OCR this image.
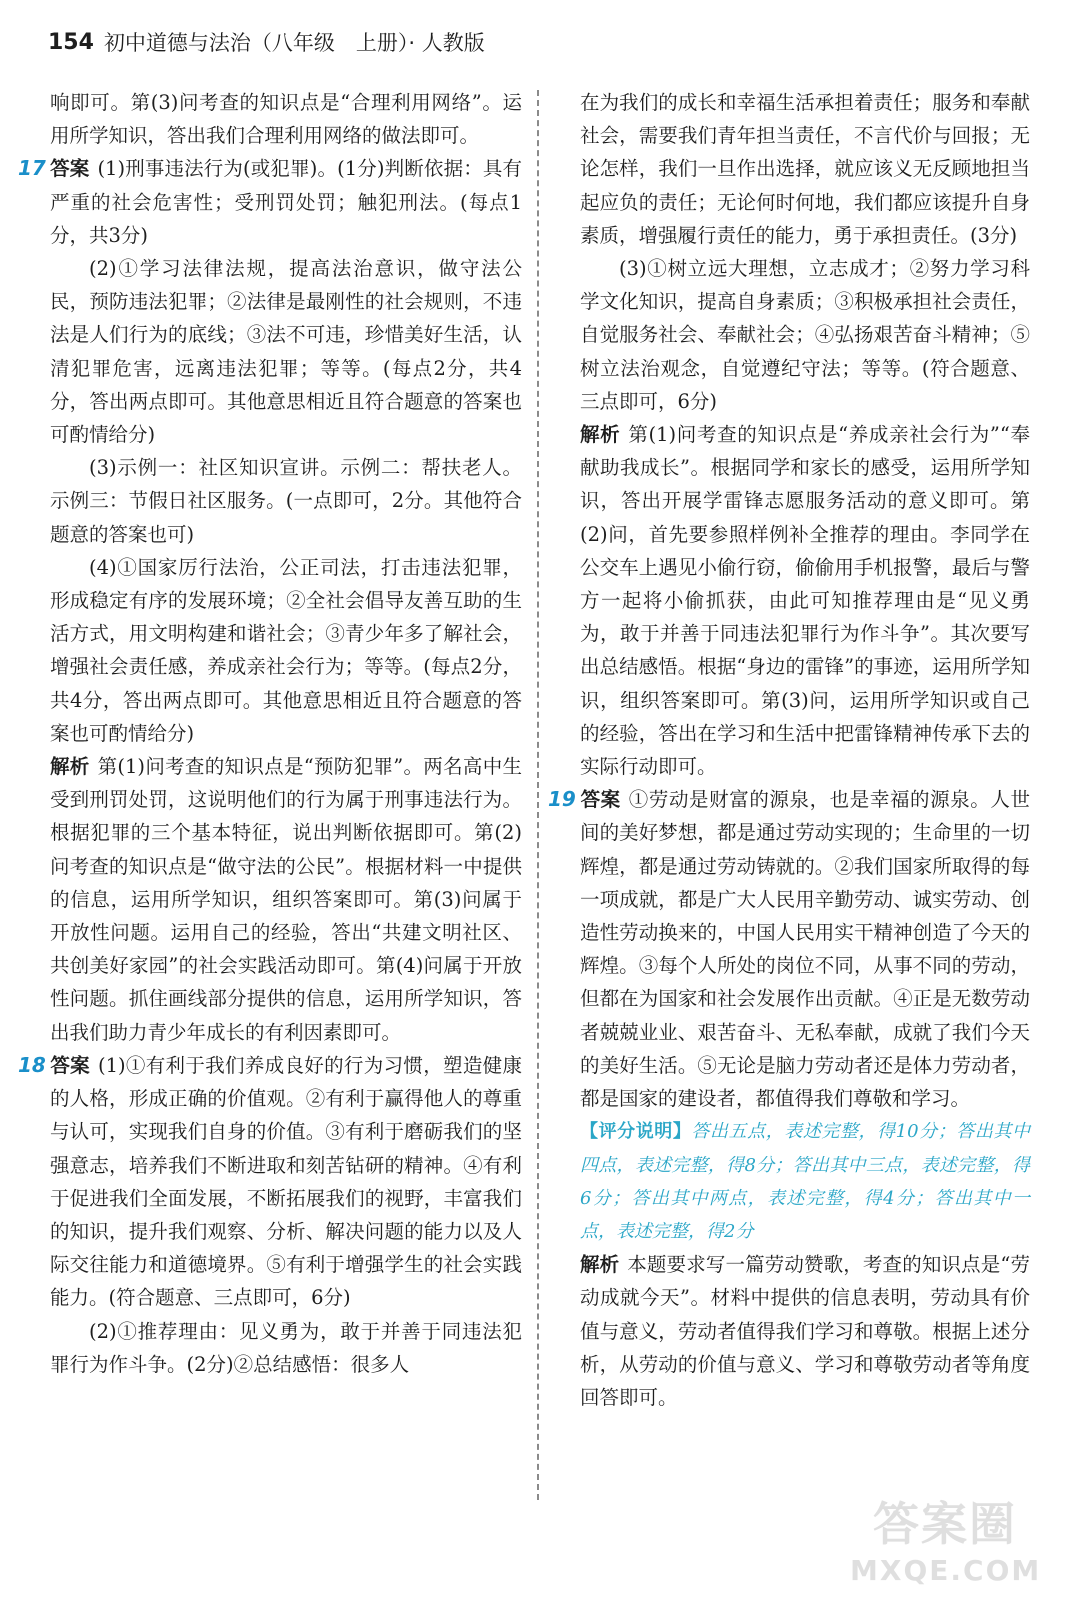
154 初中道德与法治（八年级　上册）· 人教版

响即可。第(3)问考查的知识点是“合理利用网络”。运用所学知识，答出我们合理利用网络的做法即可。

17 答案 (1)刑事违法行为(或犯罪)。(1分)判断依据：具有严重的社会危害性；受刑罚处罚；触犯刑法。(每点1分，共3分)

(2)①学习法律法规，提高法治意识，做守法公民，预防违法犯罪；②法律是最刚性的社会规则，不违法是人们行为的底线；③法不可违，珍惜美好生活，认清犯罪危害，远离违法犯罪；等等。(每点2分，共4分，答出两点即可。其他意思相近且符合题意的答案也可酌情给分)

(3)示例一：社区知识宣讲。示例二：帮扶老人。示例三：节假日社区服务。(一点即可，2分。其他符合题意的答案也可)

(4)①国家厉行法治，公正司法，打击违法犯罪，形成稳定有序的发展环境；②全社会倡导友善互助的生活方式，用文明构建和谐社会；③青少年多了解社会，增强社会责任感，养成亲社会行为；等等。(每点2分，共4分，答出两点即可。其他意思相近且符合题意的答案也可酌情给分)

解析 第(1)问考查的知识点是“预防犯罪”。两名高中生受到刑罚处罚，这说明他们的行为属于刑事违法行为。根据犯罪的三个基本特征，说出判断依据即可。第(2)问考查的知识点是“做守法的公民”。根据材料一中提供的信息，运用所学知识，组织答案即可。第(3)问属于开放性问题。运用自己的经验，答出“共建文明社区、共创美好家园”的社会实践活动即可。第(4)问属于开放性问题。抓住画线部分提供的信息，运用所学知识，答出我们助力青少年成长的有利因素即可。

18 答案 (1)①有利于我们养成良好的行为习惯，塑造健康的人格，形成正确的价值观。②有利于赢得他人的尊重与认可，实现我们自身的价值。③有利于磨砺我们的坚强意志，培养我们不断进取和刻苦钻研的精神。④有利于促进我们全面发展，不断拓展我们的视野，丰富我们的知识，提升我们观察、分析、解决问题的能力以及人际交往能力和道德境界。⑤有利于增强学生的社会实践能力。(符合题意、三点即可，6分)

(2)①推荐理由：见义勇为，敢于并善于同违法犯罪行为作斗争。(2分)②总结感悟：很多人

在为我们的成长和幸福生活承担着责任；服务和奉献社会，需要我们青年担当责任，不言代价与回报；无论怎样，我们一旦作出选择，就应该义无反顾地担当起应负的责任；无论何时何地，我们都应该提升自身素质，增强履行责任的能力，勇于承担责任。(3分)

(3)①树立远大理想，立志成才；②努力学习科学文化知识，提高自身素质；③积极承担社会责任，自觉服务社会、奉献社会；④弘扬艰苦奋斗精神；⑤树立法治观念，自觉遵纪守法；等等。(符合题意、三点即可，6分)

解析 第(1)问考查的知识点是“养成亲社会行为”“奉献助我成长”。根据同学和家长的感受，运用所学知识，答出开展学雷锋志愿服务活动的意义即可。第(2)问，首先要参照样例补全推荐的理由。李同学在公交车上遇见小偷行窃，偷偷用手机报警，最后与警方一起将小偷抓获，由此可知推荐理由是“见义勇为，敢于并善于同违法犯罪行为作斗争”。其次要写出总结感悟。根据“身边的雷锋”的事迹，运用所学知识，组织答案即可。第(3)问，运用所学知识或自己的经验，答出在学习和生活中把雷锋精神传承下去的实际行动即可。

19 答案 ①劳动是财富的源泉，也是幸福的源泉。人世间的美好梦想，都是通过劳动实现的；生命里的一切辉煌，都是通过劳动铸就的。②我们国家所取得的每一项成就，都是广大人民用辛勤劳动、诚实劳动、创造性劳动换来的，中国人民用实干精神创造了今天的辉煌。③每个人所处的岗位不同，从事不同的劳动，但都在为国家和社会发展作出贡献。④正是无数劳动者兢兢业业、艰苦奋斗、无私奉献，成就了我们今天的美好生活。⑤无论是脑力劳动者还是体力劳动者，都是国家的建设者，都值得我们尊敬和学习。

【评分说明】答出五点，表述完整，得10分；答出其中四点，表述完整，得8分；答出其中三点，表述完整，得6分；答出其中两点，表述完整，得4分；答出其中一点，表述完整，得2分

解析 本题要求写一篇劳动赞歌，考查的知识点是“劳动成就今天”。材料中提供的信息表明，劳动具有价值与意义，劳动者值得我们学习和尊敬。根据上述分析，从劳动的价值与意义、学习和尊敬劳动者等角度回答即可。

答案圈
MXQE.COM
